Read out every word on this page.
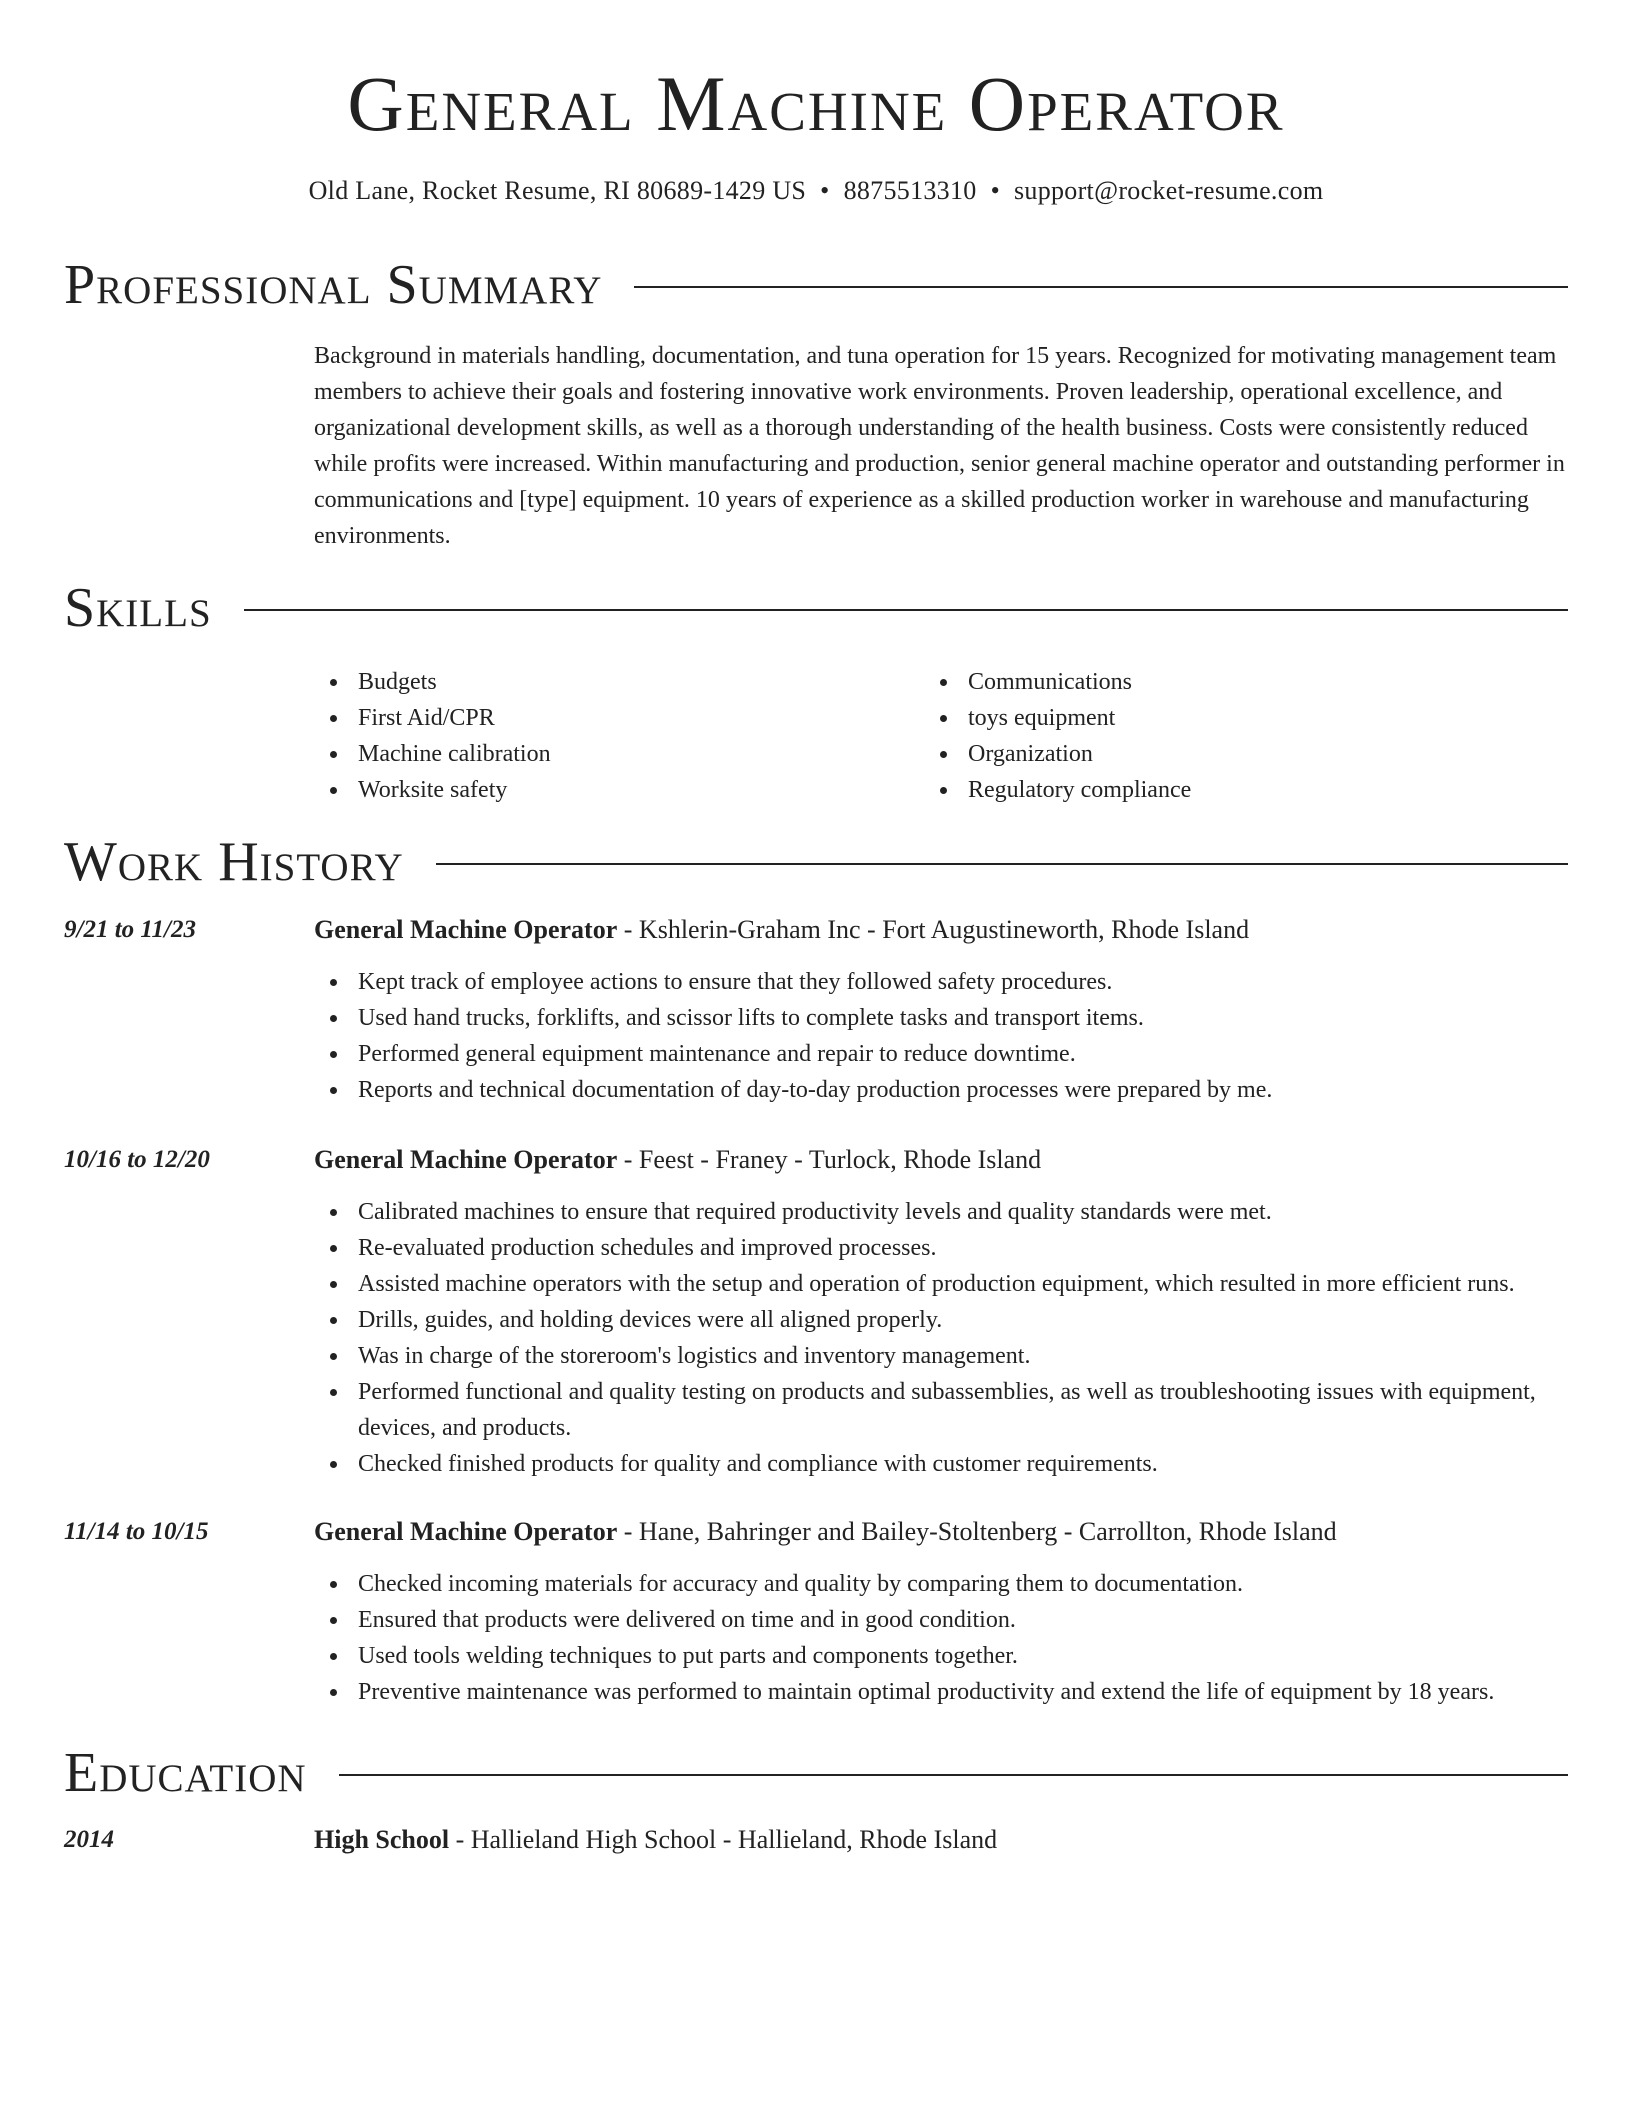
General Machine Operator
Old Lane, Rocket Resume, RI 80689-1429 US • 8875513310 • support@rocket-resume.com
Professional Summary

Background in materials handling, documentation, and tuna operation for 15 years. Recognized for motivating management team members to achieve their goals and fostering innovative work environments. Proven leadership, operational excellence, and organizational development skills, as well as a thorough understanding of the health business. Costs were consistently reduced while profits were increased. Within manufacturing and production, senior general machine operator and outstanding performer in communications and [type] equipment. 10 years of experience as a skilled production worker in warehouse and manufacturing environments.

Skills
Budgets
First Aid/CPR
Machine calibration
Worksite safety
Communications
toys equipment
Organization
Regulatory compliance
Work History
9/21 to 11/23	General Machine Operator - Kshlerin-Graham Inc - Fort Augustineworth, Rhode Island
Kept track of employee actions to ensure that they followed safety procedures.
Used hand trucks, forklifts, and scissor lifts to complete tasks and transport items.
Performed general equipment maintenance and repair to reduce downtime.
Reports and technical documentation of day-to-day production processes were prepared by me.
10/16 to 12/20	General Machine Operator - Feest - Franey - Turlock, Rhode Island
Calibrated machines to ensure that required productivity levels and quality standards were met.
Re-evaluated production schedules and improved processes.
Assisted machine operators with the setup and operation of production equipment, which resulted in more efficient runs.
Drills, guides, and holding devices were all aligned properly.
Was in charge of the storeroom's logistics and inventory management.
Performed functional and quality testing on products and subassemblies, as well as troubleshooting issues with equipment, devices, and products.
Checked finished products for quality and compliance with customer requirements.
11/14 to 10/15	General Machine Operator - Hane, Bahringer and Bailey-Stoltenberg - Carrollton, Rhode Island
Checked incoming materials for accuracy and quality by comparing them to documentation.
Ensured that products were delivered on time and in good condition.
Used tools welding techniques to put parts and components together.
Preventive maintenance was performed to maintain optimal productivity and extend the life of equipment by 18 years.
Education
2014	High School - Hallieland High School - Hallieland, Rhode Island
